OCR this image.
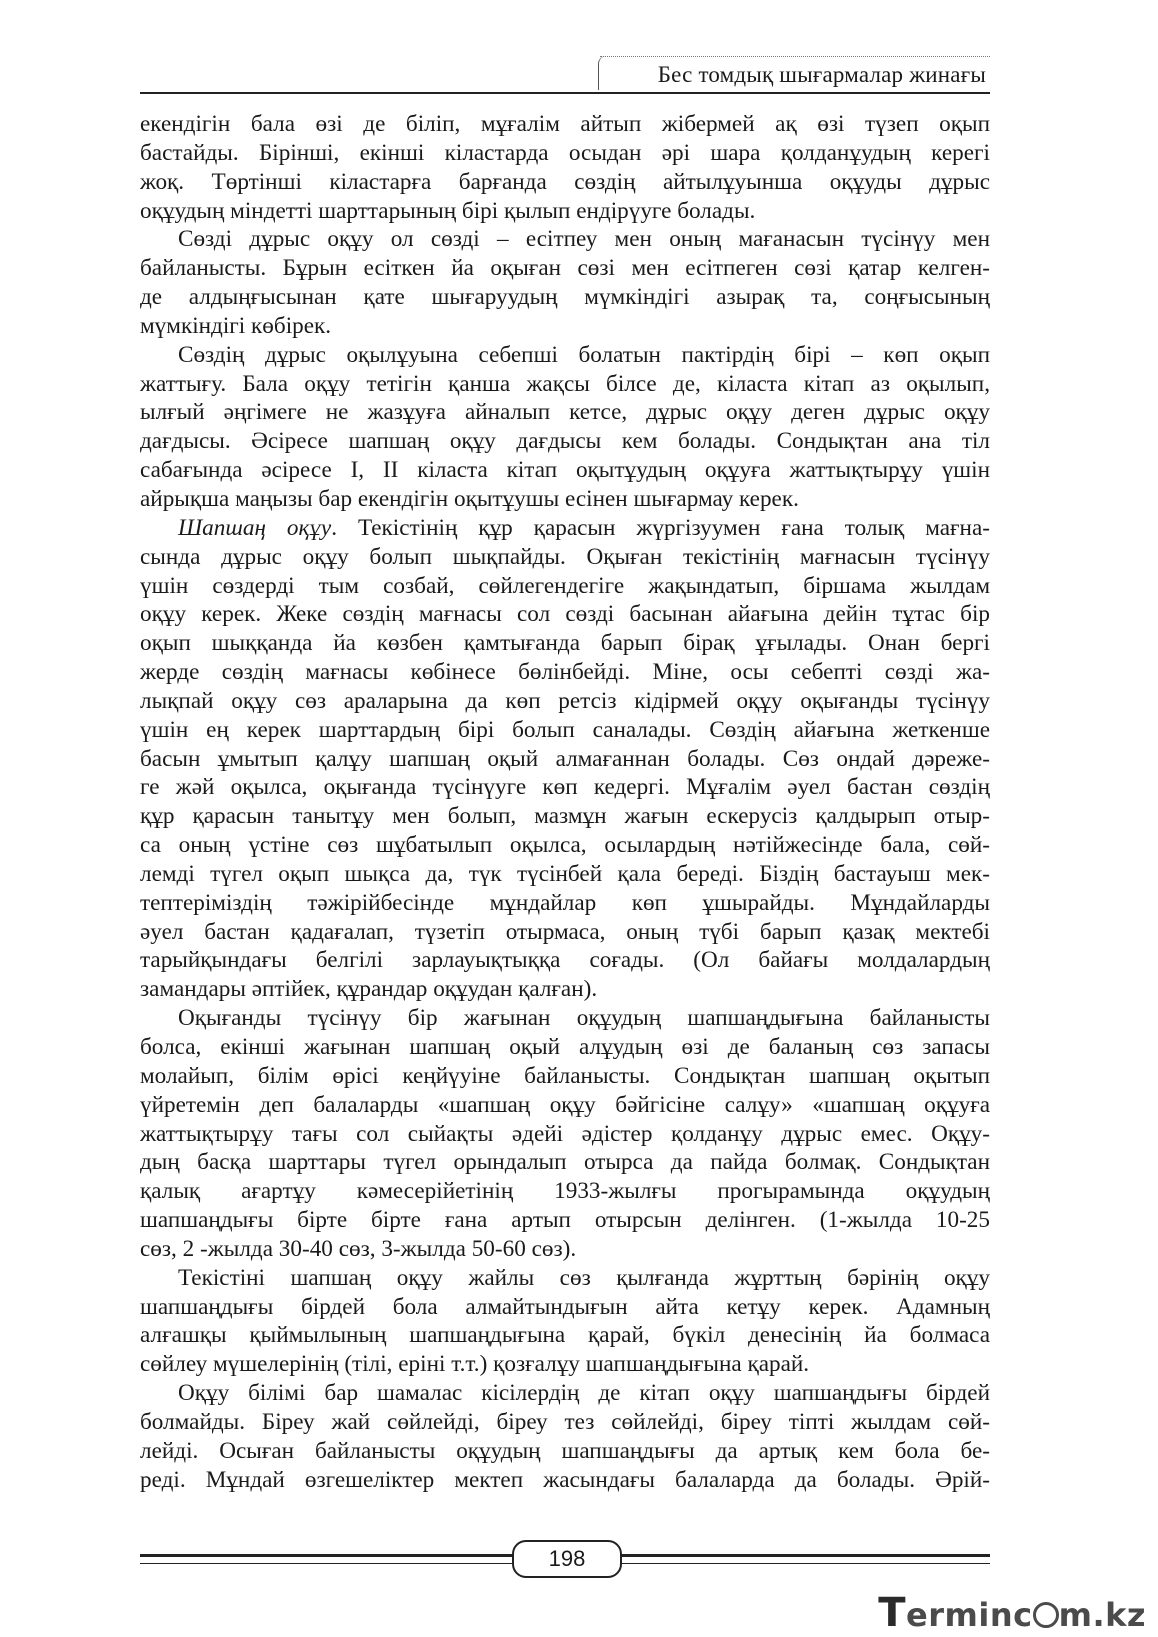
Бес томдық шығармалар жинағы
екендігін бала өзі де біліп, мұғалім айтып жібермей ақ өзі түзеп оқып
бастайды. Бірінші, екінші кіластарда осыдан әрі шара қолданұудың керегі
жоқ. Төртінші кіластарға барғанда сөздің айтылұуынша оқұуды дұрыс
оқұудың міндетті шарттарының бірі қылып ендірүуге болады.
Сөзді дұрыс оқұу ол сөзді – есітпеу мен оның мағанасын түсінүу мен
байланысты. Бұрын есіткен йа оқыған сөзі мен есітпеген сөзі қатар келген-
де алдыңғысынан қате шығаруудың мүмкіндігі азырақ та, соңғысының
мүмкіндігі көбірек.
Сөздің дұрыс оқылұуына себепші болатын пактірдің бірі – көп оқып
жаттығу. Бала оқұу тетігін қанша жақсы білсе де, кіласта кітап аз оқылып,
ылғый әңгімеге не жазұуға айналып кетсе, дұрыс оқұу деген дұрыс оқұу
дағдысы. Әсіресе шапшаң оқұу дағдысы кем болады. Сондықтан ана тіл
сабағында әсіресе I, II кіласта кітап оқытұудың оқұуға жаттықтырұу үшін
айрықша маңызы бар екендігін оқытұушы есінен шығармау керек.
Шапшаң оқұу. Текістінің құр қарасын жүргізуумен ғана толық мағна-
сында дұрыс оқұу болып шықпайды. Оқыған текістінің мағнасын түсінүу
үшін сөздерді тым созбай, сөйлегендегіге жақындатып, біршама жылдам
оқұу керек. Жеке сөздің мағнасы сол сөзді басынан айағына дейін тұтас бір
оқып шыққанда йа көзбен қамтығанда барып бірақ ұғылады. Онан бергі
жерде сөздің мағнасы көбінесе бөлінбейді. Міне, осы себепті сөзді жа-
лықпай оқұу сөз араларына да көп ретсіз кідірмей оқұу оқығанды түсінүу
үшін ең керек шарттардың бірі болып саналады. Сөздің айағына жеткенше
басын ұмытып қалұу шапшаң оқый алмағаннан болады. Сөз ондай дәреже-
ге жәй оқылса, оқығанда түсінүуге көп кедергі. Мұғалім әуел бастан сөздің
құр қарасын танытұу мен болып, мазмұн жағын ескерусіз қалдырып отыр-
са оның үстіне сөз шұбатылып оқылса, осылардың нәтійжесінде бала, сөй-
лемді түгел оқып шықса да, түк түсінбей қала береді. Біздің бастауыш мек-
тептеріміздің тәжірійбесінде мұндайлар көп ұшырайды. Мұндайларды
әуел бастан қадағалап, түзетіп отырмаса, оның түбі барып қазақ мектебі
тарыйқындағы белгілі зарлауықтыққа соғады. (Ол байағы молдалардың
замандары әптійек, құрандар оқұудан қалған).
Оқығанды түсінүу бір жағынан оқұудың шапшаңдығына байланысты
болса, екінші жағынан шапшаң оқый алұудың өзі де баланың сөз запасы
молайып, білім өрісі кеңйүуіне байланысты. Сондықтан шапшаң оқытып
үйретемін деп балаларды «шапшаң оқұу бәйгісіне салұу» «шапшаң оқұуға
жаттықтырұу тағы сол сыйақты әдейі әдістер қолданұу дұрыс емес. Оқұу-
дың басқа шарттары түгел орындалып отырса да пайда болмақ. Сондықтан
қалық ағартұу кәмесерійетінің 1933-жылғы прогырамында оқұудың
шапшаңдығы бірте бірте ғана артып отырсын делінген. (1-жылда 10-25
сөз, 2 -жылда 30-40 сөз, 3-жылда 50-60 сөз).
Текістіні шапшаң оқұу жайлы сөз қылғанда жұрттың бәрінің оқұу
шапшаңдығы бірдей бола алмайтындығын айта кетұу керек. Адамның
алғашқы қыймылының шапшаңдығына қарай, бүкіл денесінің йа болмаса
сөйлеу мүшелерінің (тілі, еріні т.т.) қозғалұу шапшаңдығына қарай.
Оқұу білімі бар шамалас кісілердің де кітап оқұу шапшаңдығы бірдей
болмайды. Біреу жай сөйлейді, біреу тез сөйлейді, біреу тіпті жылдам сөй-
лейді. Осыған байланысты оқұудың шапшаңдығы да артық кем бола бе-
реді. Мұндай өзгешеліктер мектеп жасындағы балаларда да болады. Әрій-
198
Terminc m.kz
